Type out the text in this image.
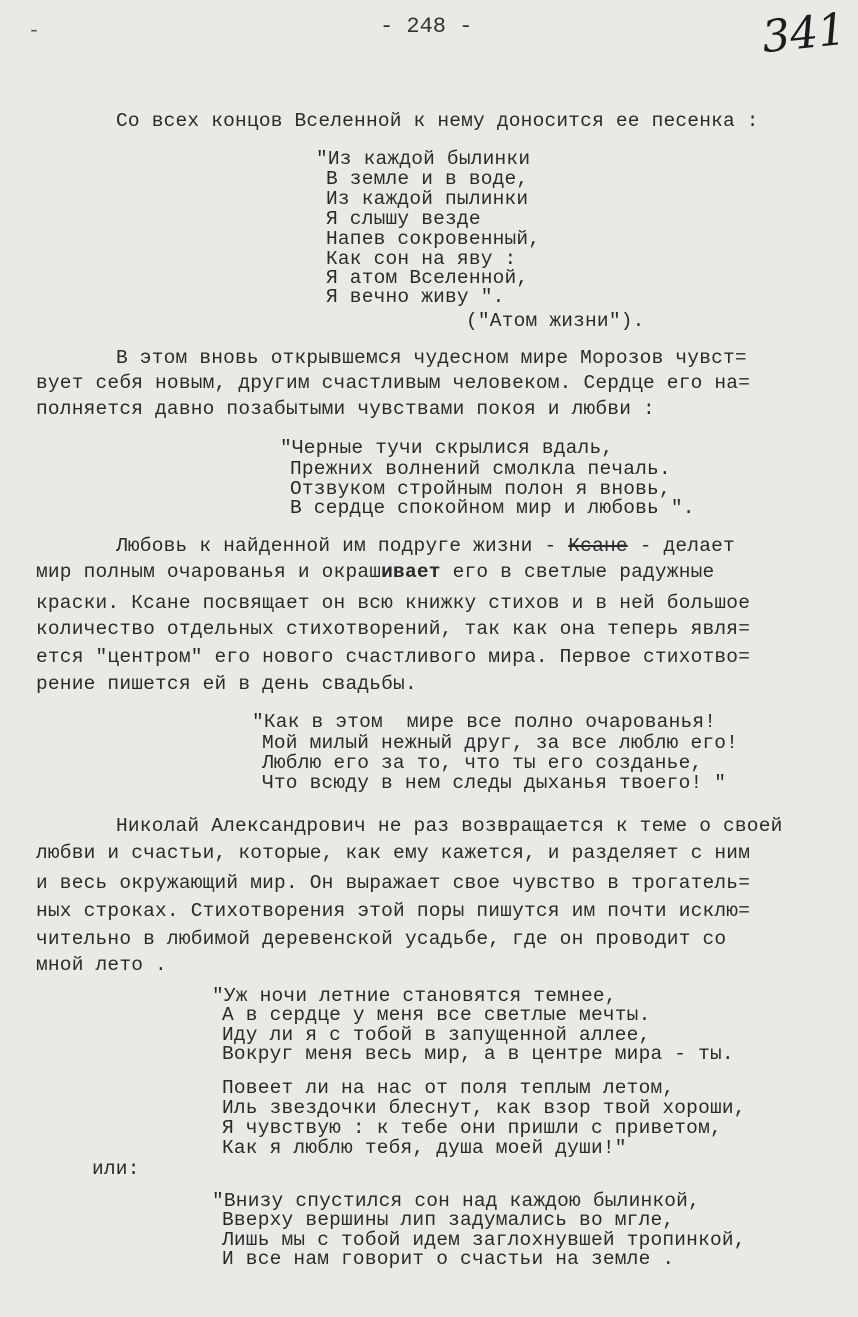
-	- 248 -	341
Со всех концов Вселенной к нему доносится ее песенка :
"Из каждой былинки
В земле и в воде,
Из каждой пылинки
Я слышу везде
Напев сокровенный,
Как сон на яву :
Я атом Вселенной,
Я вечно живу ".
("Атом жизни").
В этом вновь открывшемся чудесном мире Морозов чувст=
вует себя новым, другим счастливым человеком. Сердце его на=
полняется давно позабытыми чувствами покоя и любви :
"Черные тучи скрылися вдаль,
Прежних волнений смолкла печаль.
Отзвуком стройным полон я вновь,
В сердце спокойном мир и любовь ".
Любовь к найденной им подруге жизни - Ксане - делает
мир полным очарованья и окрашивает его в светлые радужные
краски. Ксане посвящает он всю книжку стихов и в ней большое
количество отдельных стихотворений, так как она теперь явля=
ется "центром" его нового счастливого мира. Первое стихотво=
рение пишется ей в день свадьбы.
"Как в этом  мире все полно очарованья!
Мой милый нежный друг, за все люблю его!
Люблю его за то, что ты его созданье,
Что всюду в нем следы дыханья твоего! "
Николай Александрович не раз возвращается к теме о своей
любви и счастьи, которые, как ему кажется, и разделяет с ним
и весь окружающий мир. Он выражает свое чувство в трогатель=
ных строках. Стихотворения этой поры пишутся им почти исклю=
чительно в любимой деревенской усадьбе, где он проводит со
мной лето .
"Уж ночи летние становятся темнее,
А в сердце у меня все светлые мечты.
Иду ли я с тобой в запущенной аллее,
Вокруг меня весь мир, а в центре мира - ты.
Повеет ли на нас от поля теплым летом,
Иль звездочки блеснут, как взор твой хороши,
Я чувствую : к тебе они пришли с приветом,
Как я люблю тебя, душа моей души!"
или:
"Внизу спустился сон над каждою былинкой,
Вверху вершины лип задумались во мгле,
Лишь мы с тобой идем заглохнувшей тропинкой,
И все нам говорит о счастьи на земле .
